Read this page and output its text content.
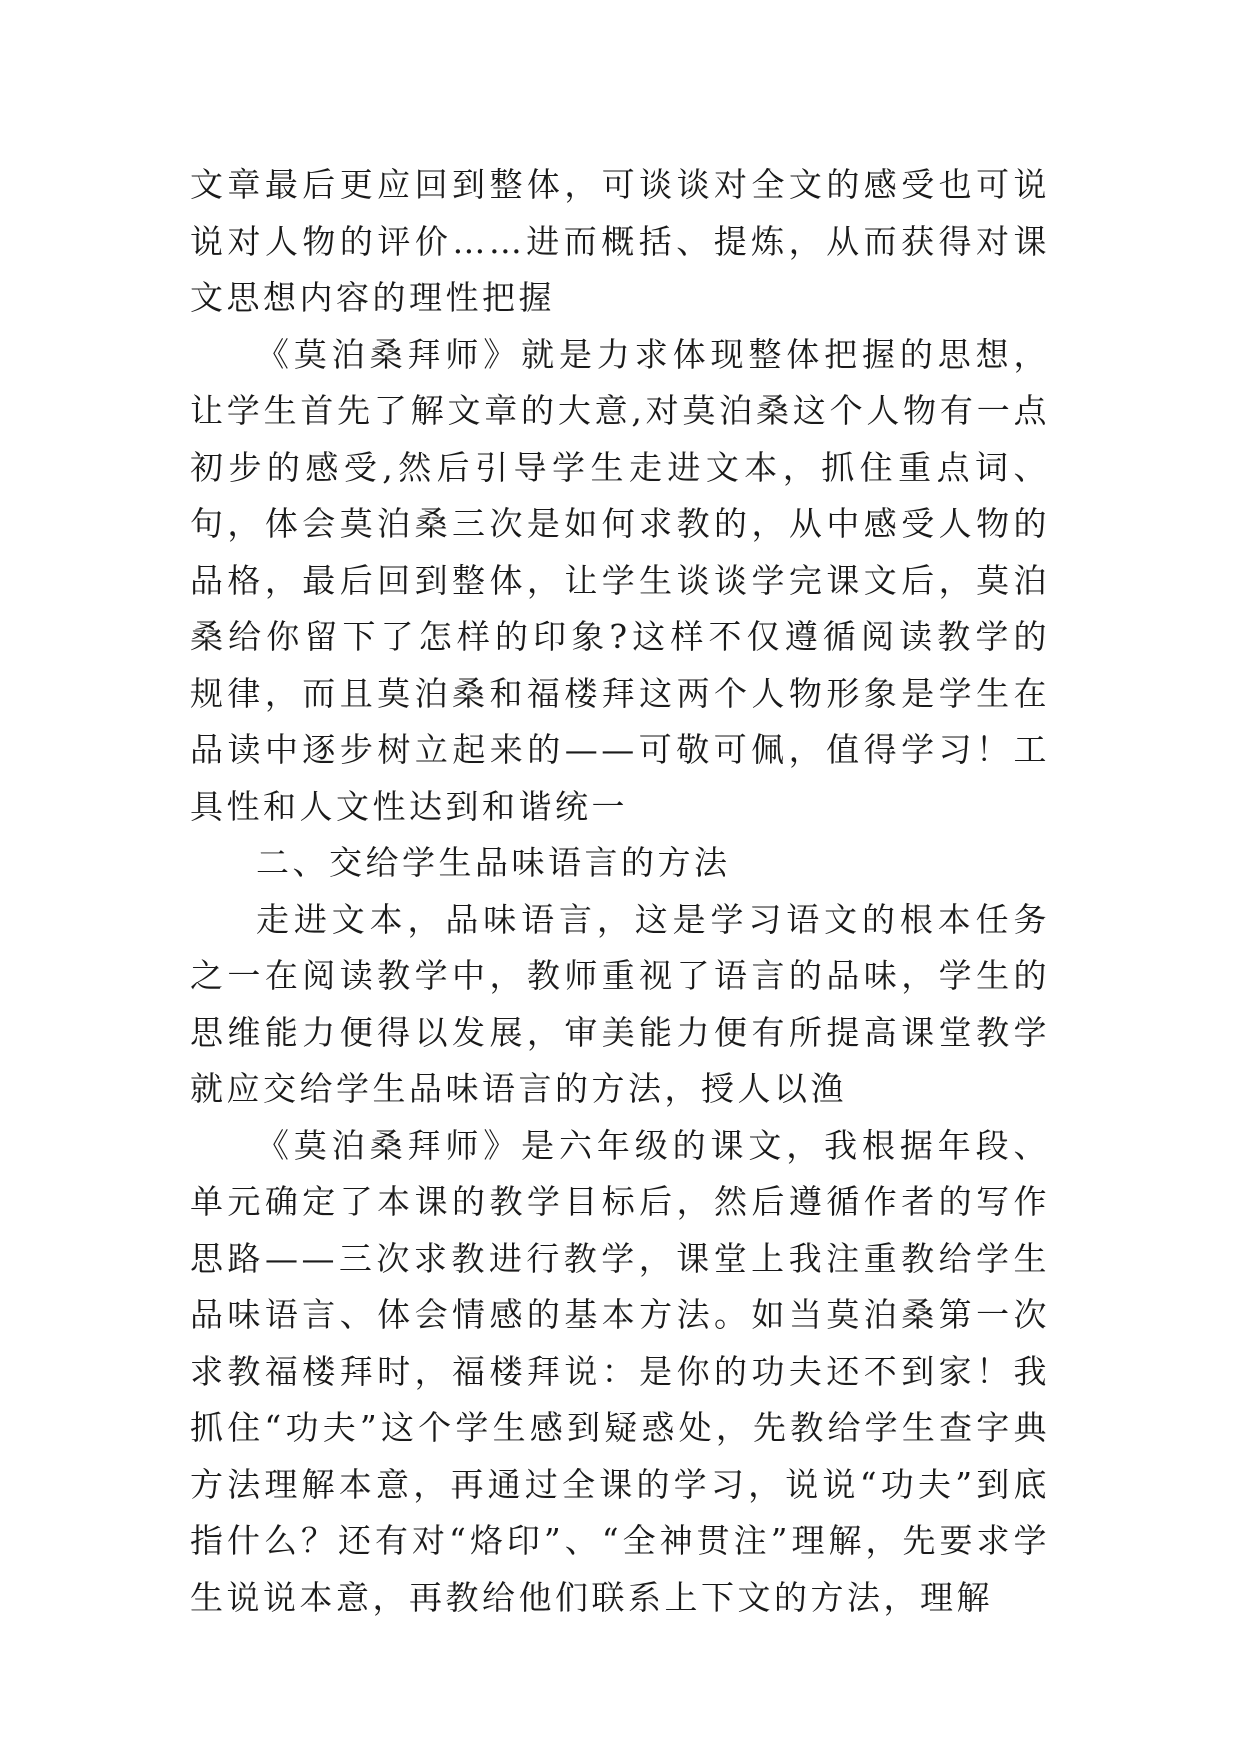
文章最后更应回到整体，可谈谈对全文的感受也可说说对人物的评价……进而概括、提炼，从而获得对课文思想内容的理性把握

《莫泊桑拜师》就是力求体现整体把握的思想，让学生首先了解文章的大意,对莫泊桑这个人物有一点初步的感受,然后引导学生走进文本，抓住重点词、句，体会莫泊桑三次是如何求教的，从中感受人物的品格，最后回到整体，让学生谈谈学完课文后，莫泊桑给你留下了怎样的印象?这样不仅遵循阅读教学的规律，而且莫泊桑和福楼拜这两个人物形象是学生在品读中逐步树立起来的——可敬可佩，值得学习！工具性和人文性达到和谐统一

二、交给学生品味语言的方法

走进文本，品味语言，这是学习语文的根本任务之一在阅读教学中，教师重视了语言的品味，学生的思维能力便得以发展，审美能力便有所提高课堂教学就应交给学生品味语言的方法，授人以渔

《莫泊桑拜师》是六年级的课文，我根据年段、单元确定了本课的教学目标后，然后遵循作者的写作思路——三次求教进行教学，课堂上我注重教给学生品味语言、体会情感的基本方法。如当莫泊桑第一次求教福楼拜时，福楼拜说：是你的功夫还不到家！我抓住“功夫”这个学生感到疑惑处，先教给学生查字典方法理解本意，再通过全课的学习，说说“功夫”到底指什么？还有对“烙印”、“全神贯注”理解，先要求学生说说本意，再教给他们联系上下文的方法，理解
